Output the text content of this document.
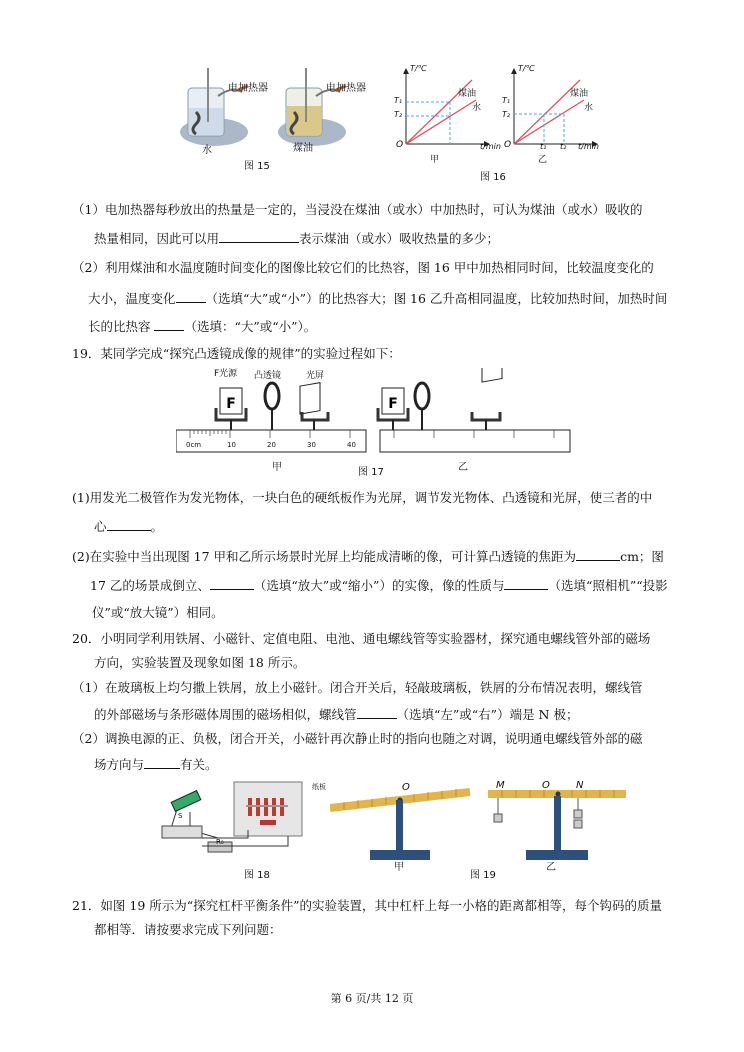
电加热器	电加热器
水	煤油
图 15
T/℃
煤油
水
T₁
T₂
O	t/min
甲
T/℃
煤油
水
T₁
T₂
O	t₁ t₂ t/min
乙
图 16
（1）电加热器每秒放出的热量是一定的，当浸没在煤油（或水）中加热时，可认为煤油（或水）吸收的
热量相同，因此可以用	表示煤油（或水）吸收热量的多少；
（2）利用煤油和水温度随时间变化的图像比较它们的比热容，图 16 甲中加热相同时间，比较温度变化的
大小，温度变化 （选填“大”或“小”）的比热容大；图 16 乙升高相同温度，比较加热时间，加热时间
长的比热容 （选填：“大”或“小”）。
19．某同学完成“探究凸透镜成像的规律”的实验过程如下：
F	F
F光源 凸透镜	光屏
0cm	10	20	30	40
甲	图 17	乙
(1)用发光二极管作为发光物体，一块白色的硬纸板作为光屏，调节发光物体、凸透镜和光屏，使三者的中
心	。
(2)在实验中当出现图 17 甲和乙所示场景时光屏上均能成清晰的像，可计算凸透镜的焦距为	cm；图
17 乙的场景成倒立、	（选填“放大”或“缩小”）的实像，像的性质与	（选填“照相机”“投影
仪”或“放大镜”）相同。
20．小明同学利用铁屑、小磁针、定值电阻、电池、通电螺线管等实验器材，探究通电螺线管外部的磁场
方向，实验装置及现象如图 18 所示。
（1）在玻璃板上均匀撒上铁屑，放上小磁针。闭合开关后，轻敲玻璃板，铁屑的分布情况表明，螺线管
的外部磁场与条形磁体周围的磁场相似，螺线管	（选填“左”或“右”）端是 N 极；
（2）调换电源的正、负极，闭合开关，小磁针再次静止时的指向也随之对调，说明通电螺线管外部的磁
场方向与	有关。
纸板
S
R₀
图 18
O	O
M	N
甲	乙
图 19
21．如图 19 所示为“探究杠杆平衡条件”的实验装置，其中杠杆上每一小格的距离都相等，每个钩码的质量
都相等．请按要求完成下列问题：
第 6 页/共 12 页
